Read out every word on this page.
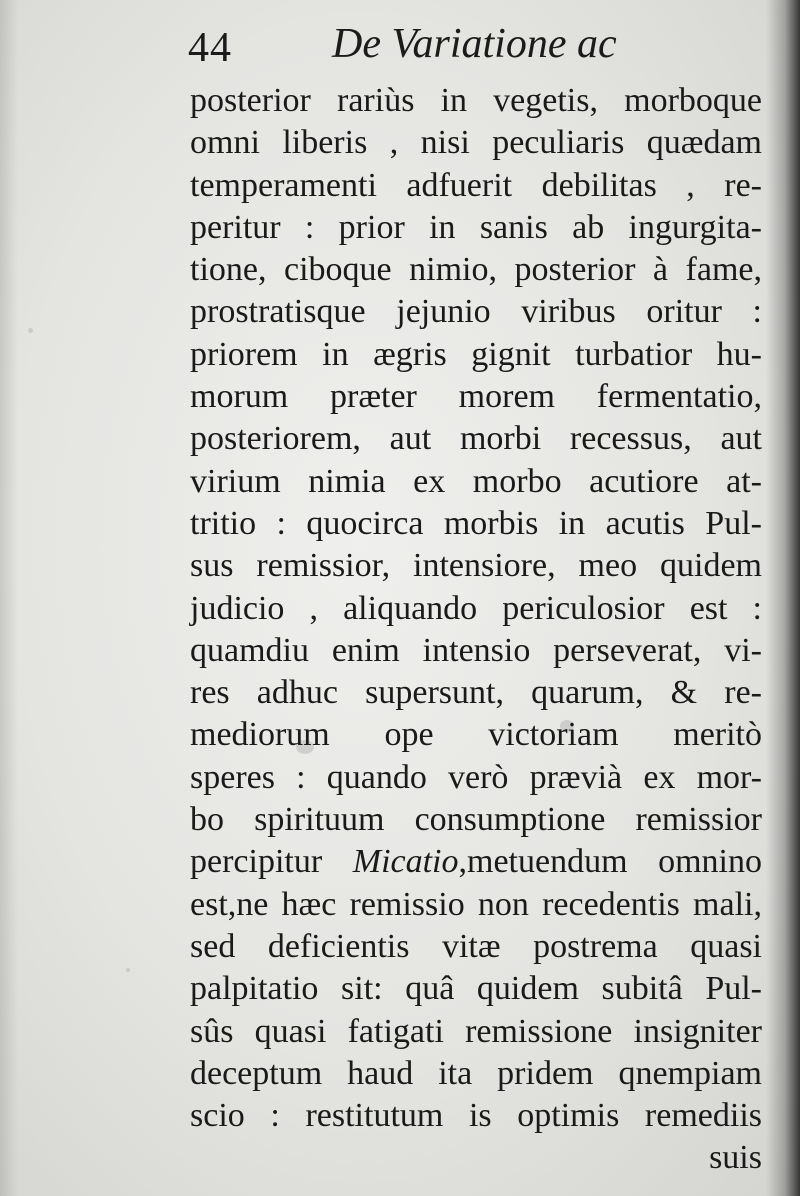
44 De Variatione ac
posterior rariùs in vegetis, morboque
omni liberis , nisi peculiaris quædam
temperamenti adfuerit debilitas , re-
peritur : prior in sanis ab ingurgita-
tione, ciboque nimio, posterior à fame,
prostratisque jejunio viribus oritur :
priorem in ægris gignit turbatior hu-
morum præter morem fermentatio,
posteriorem, aut morbi recessus, aut
virium nimia ex morbo acutiore at-
tritio : quocirca morbis in acutis Pul-
sus remissior, intensiore, meo quidem
judicio , aliquando periculosior est :
quamdiu enim intensio perseverat, vi-
res adhuc supersunt, quarum, & re-
mediorum ope victoriam meritò
speres : quando verò prævià ex mor-
bo spirituum consumptione remissior
percipitur Micatio,metuendum omnino
est,ne hæc remissio non recedentis mali,
sed deficientis vitæ postrema quasi
palpitatio sit: quâ quidem subitâ Pul-
sûs quasi fatigati remissione insigniter
deceptum haud ita pridem qnempiam
scio : restitutum is optimis remediis
suis
